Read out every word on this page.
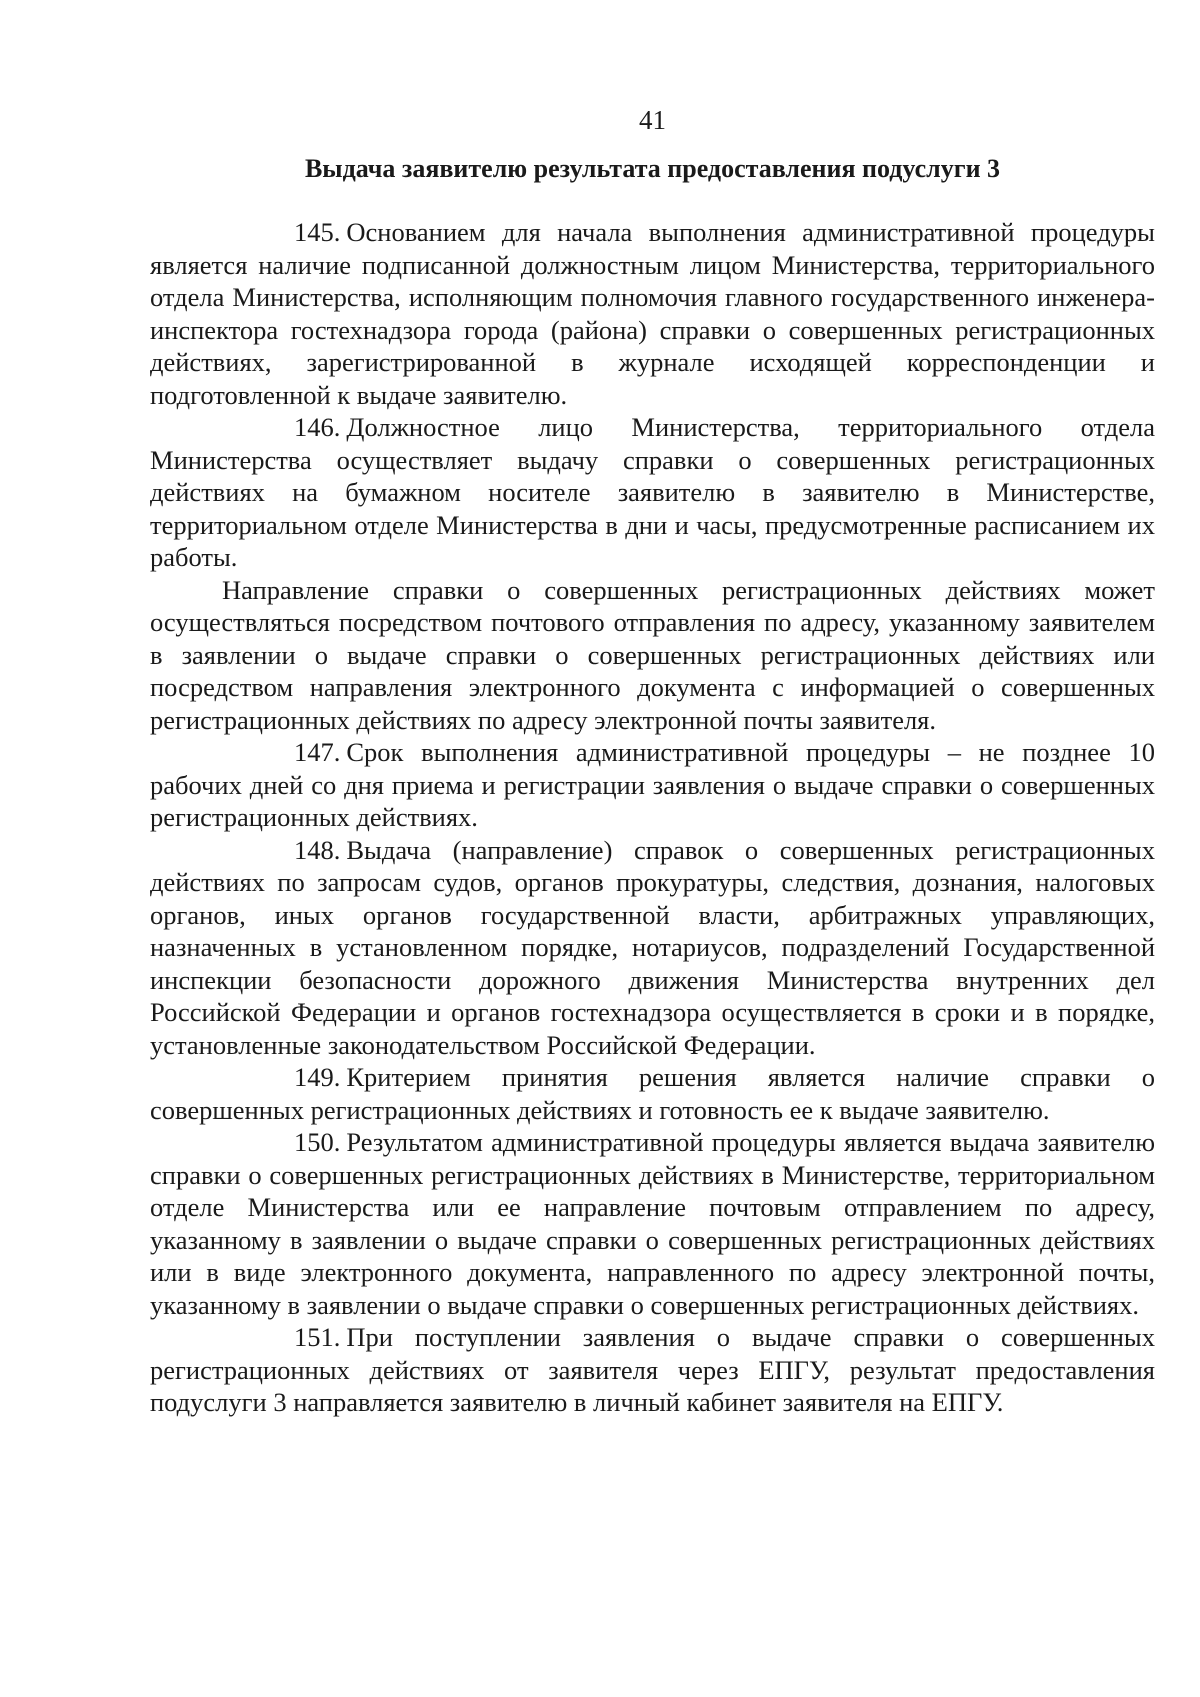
41
Выдача заявителю результата предоставления подуслуги 3

145. Основанием для начала выполнения административной процедуры является наличие подписанной должностным лицом Министерства, территориального отдела Министерства, исполняющим полномочия главного государственного инженера-инспектора гостехнадзора города (района) справки о совершенных регистрационных действиях, зарегистрированной в журнале исходящей корреспонденции и подготовленной к выдаче заявителю.

146. Должностное лицо Министерства, территориального отдела Министерства осуществляет выдачу справки о совершенных регистрационных действиях на бумажном носителе заявителю в заявителю в Министерстве, территориальном отделе Министерства в дни и часы, предусмотренные расписанием их работы.

Направление справки о совершенных регистрационных действиях может осуществляться посредством почтового отправления по адресу, указанному заявителем в заявлении о выдаче справки о совершенных регистрационных действиях или посредством направления электронного документа с информацией о совершенных регистрационных действиях по адресу электронной почты заявителя.

147. Срок выполнения административной процедуры – не позднее 10 рабочих дней со дня приема и регистрации заявления о выдаче справки о совершенных регистрационных действиях.

148. Выдача (направление) справок о совершенных регистрационных действиях по запросам судов, органов прокуратуры, следствия, дознания, налоговых органов, иных органов государственной власти, арбитражных управляющих, назначенных в установленном порядке, нотариусов, подразделений Государственной инспекции безопасности дорожного движения Министерства внутренних дел Российской Федерации и органов гостехнадзора осуществляется в сроки и в порядке, установленные законодательством Российской Федерации.

149. Критерием принятия решения является наличие справки о совершенных регистрационных действиях и готовность ее к выдаче заявителю.

150. Результатом административной процедуры является выдача заявителю справки о совершенных регистрационных действиях в Министерстве, территориальном отделе Министерства или ее направление почтовым отправлением по адресу, указанному в заявлении о выдаче справки о совершенных регистрационных действиях или в виде электронного документа, направленного по адресу электронной почты, указанному в заявлении о выдаче справки о совершенных регистрационных действиях.

151. При поступлении заявления о выдаче справки о совершенных регистрационных действиях от заявителя через ЕПГУ, результат предоставления подуслуги 3 направляется заявителю в личный кабинет заявителя на ЕПГУ.
